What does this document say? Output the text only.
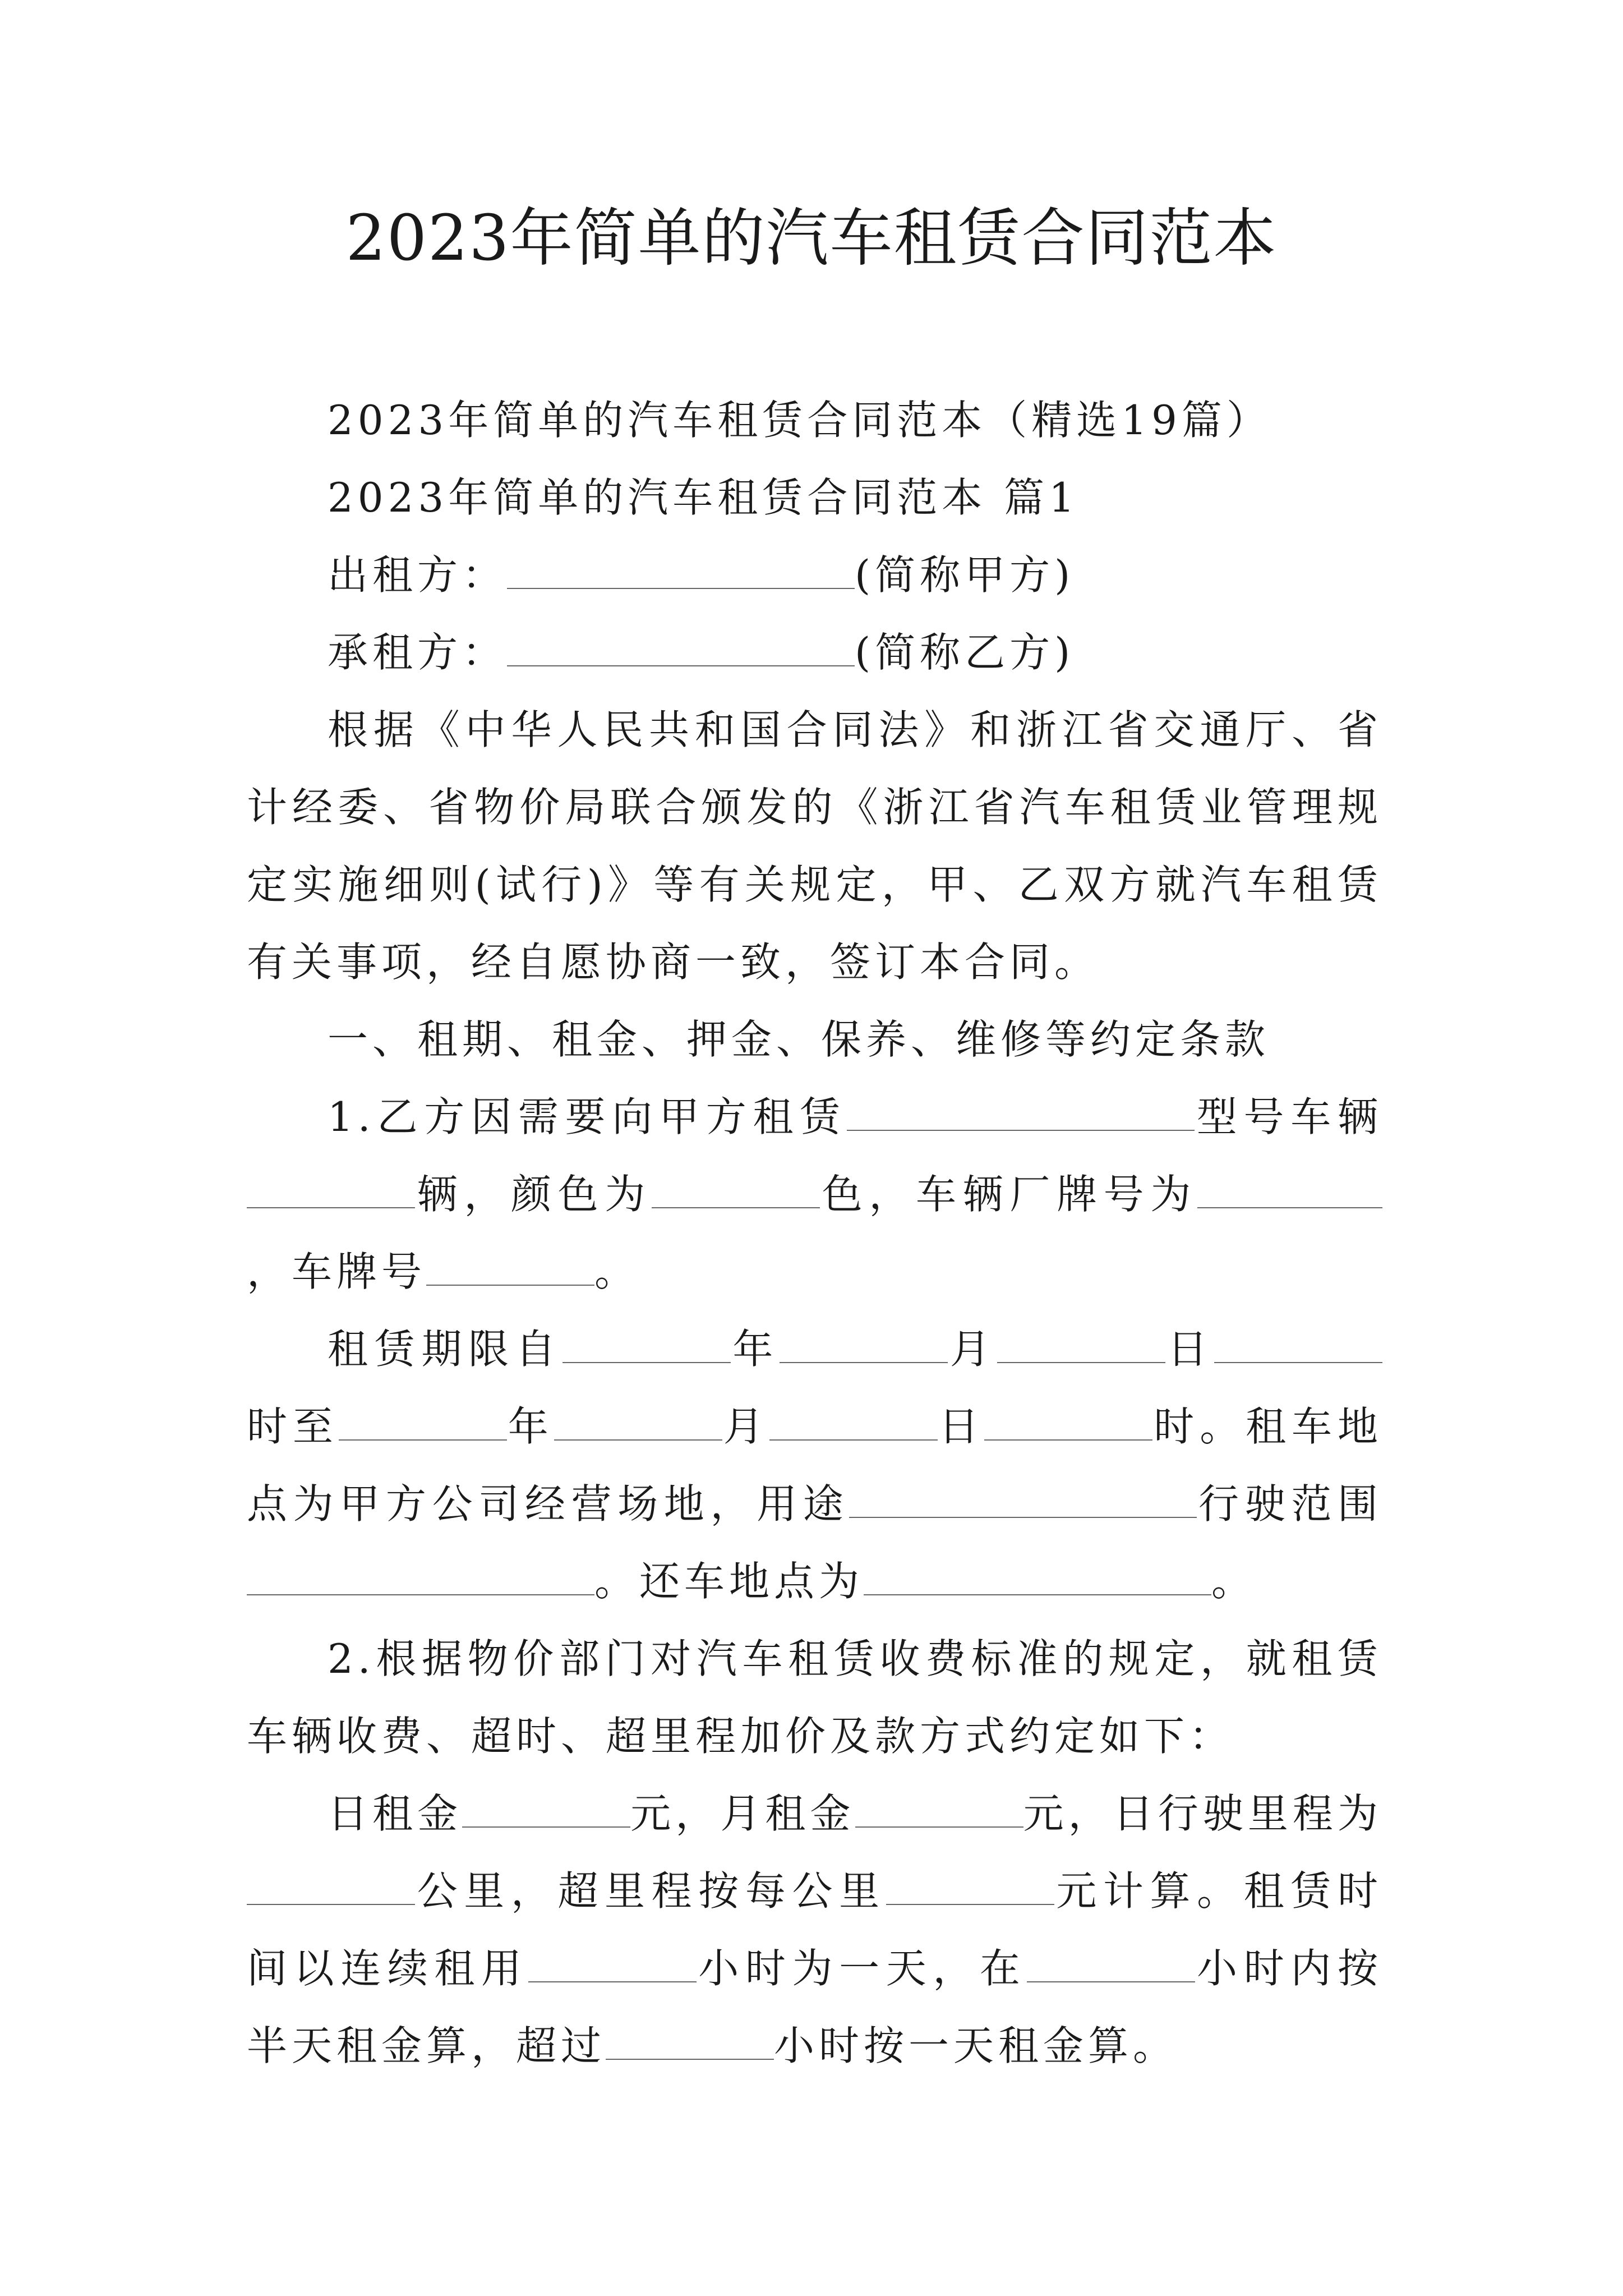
2023年简单的汽车租赁合同范本

2023年简单的汽车租赁合同范本（精选19篇）

2023年简单的汽车租赁合同范本 篇1

出租方：	(简称甲方)

承租方：	(简称乙方)

根据《中华人民共和国合同法》和浙江省交通厅、省计经委、省物价局联合颁发的《浙江省汽车租赁业管理规定实施细则(试行)》等有关规定，甲、乙双方就汽车租赁有关事项，经自愿协商一致，签订本合同。

一、租期、租金、押金、保养、维修等约定条款

1.乙方因需要向甲方租赁	型号车辆辆，颜色为	色，车辆厂牌号为，车牌号	。

租赁期限自	年	月	日时至	年	月	日	时。租车地点为甲方公司经营场地，用途	行驶范围。还车地点为	。

2.根据物价部门对汽车租赁收费标准的规定，就租赁车辆收费、超时、超里程加价及款方式约定如下：

日租金	元，月租金	元，日行驶里程为公里，超里程按每公里	元计算。租赁时间以连续租用	小时为一天，在	小时内按半天租金算，超过	小时按一天租金算。
